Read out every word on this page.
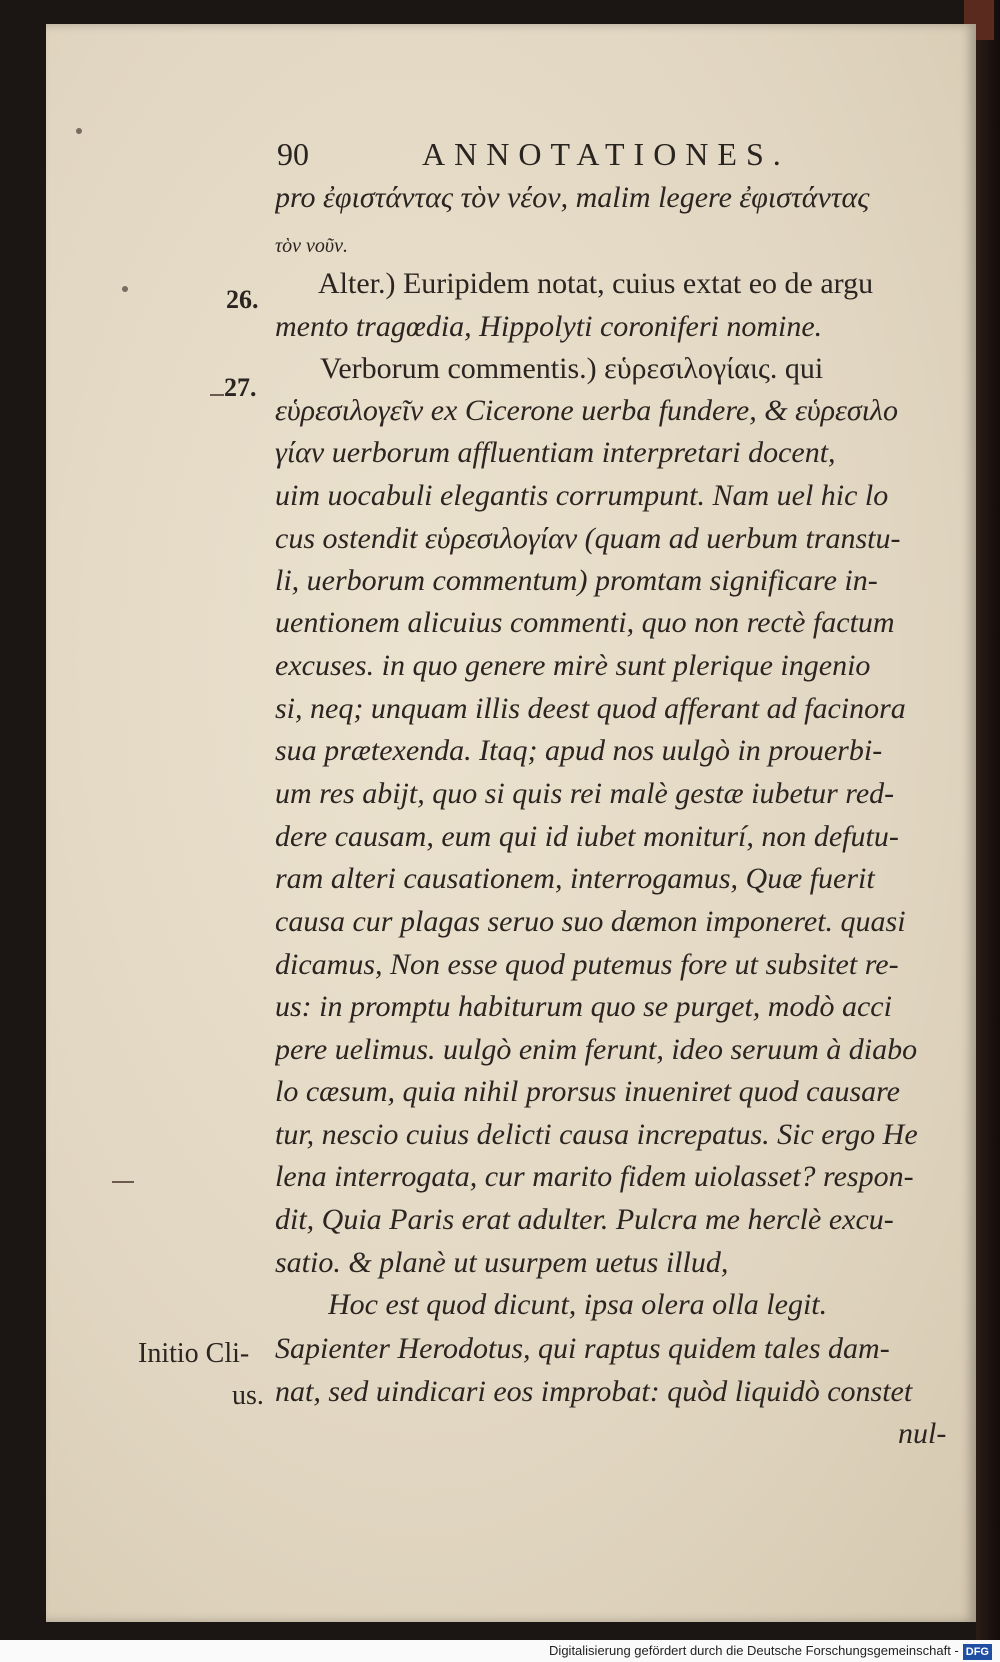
90	ANNOTATIONES.
26.
27.
Initio Cli-
us.
pro ἐφιστάντας τὸν νέον, malim legere ἐφιστάντας
τὸν νοῦν.
Alter.) Euripidem notat, cuius extat eo de argu
mento tragœdia, Hippolyti coroniferi nomine.
Verborum commentis.) εὑρεσιλογίαις. qui
εὑρεσιλογεῖν ex Cicerone uerba fundere, & εὑρεσιλο
γίαν uerborum affluentiam interpretari docent,
uim uocabuli elegantis corrumpunt. Nam uel hic lo
cus ostendit εὑρεσιλογίαν (quam ad uerbum transtu-
li, uerborum commentum) promtam significare in-
uentionem alicuius commenti, quo non rectè factum
excuses. in quo genere mirè sunt plerique ingenio
si, neq; unquam illis deest quod afferant ad facinora
sua prætexenda. Itaq; apud nos uulgò in prouerbi-
um res abijt, quo si quis rei malè gestæ iubetur red-
dere causam, eum qui id iubet moniturí, non defutu-
ram alteri causationem, interrogamus, Quæ fuerit
causa cur plagas seruo suo dæmon imponeret. quasi
dicamus, Non esse quod putemus fore ut subsitet re-
us: in promptu habiturum quo se purget, modò acci
pere uelimus. uulgò enim ferunt, ideo seruum à diabo
lo cæsum, quia nihil prorsus inueniret quod causare
tur, nescio cuius delicti causa increpatus. Sic ergo He
lena interrogata, cur marito fidem uiolasset? respon-
dit, Quia Paris erat adulter. Pulcra me herclè excu-
satio. & planè ut usurpem uetus illud,
Hoc est quod dicunt, ipsa olera olla legit.
Sapienter Herodotus, qui raptus quidem tales dam-
nat, sed uindicari eos improbat: quòd liquidò constet
nul-
Digitalisierung gefördert durch die Deutsche Forschungsgemeinschaft - DFG
